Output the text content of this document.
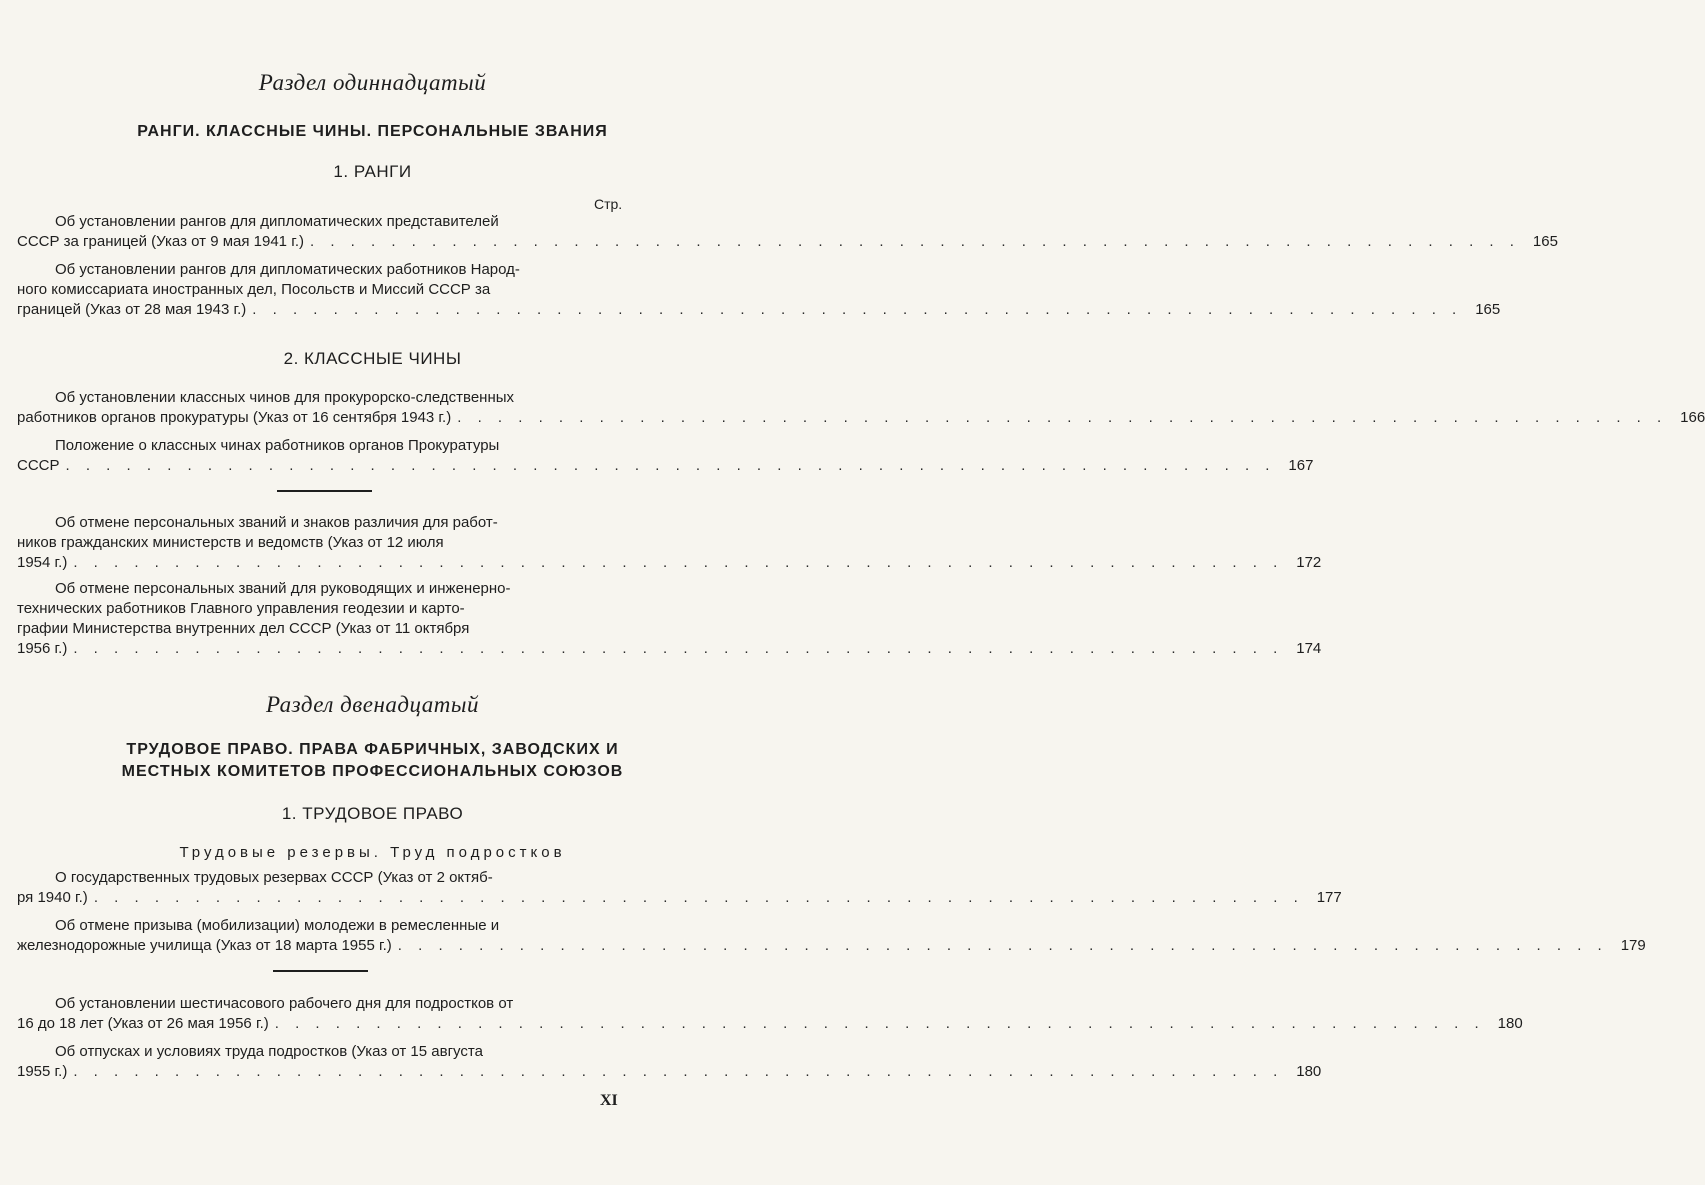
Раздел одиннадцатый
РАНГИ. КЛАССНЫЕ ЧИНЫ. ПЕРСОНАЛЬНЫЕ ЗВАНИЯ
1. РАНГИ
Стр.
Об установлении рангов для дипломатических представителей
СССР за границей (Указ от 9 мая 1941 г.) . . . . . . . . . . . . . . . . . . . . . . . . . . . . . . . . . . . . . . . . . . . . . . . . . . . . . . . . . . . . 165
Об установлении рангов для дипломатических работников Народ-
ного комиссариата иностранных дел, Посольств и Миссий СССР за
границей (Указ от 28 мая 1943 г.) . . . . . . . . . . . . . . . . . . . . . . . . . . . . . . . . . . . . . . . . . . . . . . . . . . . . . . . . . . . . 165
2. КЛАССНЫЕ ЧИНЫ
Об установлении классных чинов для прокурорско-следственных
работников органов прокуратуры (Указ от 16 сентября 1943 г.) . . . . . . . . . . . . . . . . . . . . . . . . . . . . . . . . . . . . . . . . . . . . . . . . . . . . . . . . . . . . 166
Положение о классных чинах работников органов Прокуратуры
СССР . . . . . . . . . . . . . . . . . . . . . . . . . . . . . . . . . . . . . . . . . . . . . . . . . . . . . . . . . . . . 167
Об отмене персональных званий и знаков различия для работ-
ников гражданских министерств и ведомств (Указ от 12 июля
1954 г.) . . . . . . . . . . . . . . . . . . . . . . . . . . . . . . . . . . . . . . . . . . . . . . . . . . . . . . . . . . . . 172
Об отмене персональных званий для руководящих и инженерно-
технических работников Главного управления геодезии и карто-
графии Министерства внутренних дел СССР (Указ от 11 октября
1956 г.) . . . . . . . . . . . . . . . . . . . . . . . . . . . . . . . . . . . . . . . . . . . . . . . . . . . . . . . . . . . . 174
Раздел двенадцатый
ТРУДОВОЕ ПРАВО. ПРАВА ФАБРИЧНЫХ, ЗАВОДСКИХ И
МЕСТНЫХ КОМИТЕТОВ ПРОФЕССИОНАЛЬНЫХ СОЮЗОВ
1. ТРУДОВОЕ ПРАВО
Трудовые резервы. Труд подростков
О государственных трудовых резервах СССР (Указ от 2 октяб-
ря 1940 г.) . . . . . . . . . . . . . . . . . . . . . . . . . . . . . . . . . . . . . . . . . . . . . . . . . . . . . . . . . . . . 177
Об отмене призыва (мобилизации) молодежи в ремесленные и
железнодорожные училища (Указ от 18 марта 1955 г.) . . . . . . . . . . . . . . . . . . . . . . . . . . . . . . . . . . . . . . . . . . . . . . . . . . . . . . . . . . . . 179
Об установлении шестичасового рабочего дня для подростков от
16 до 18 лет (Указ от 26 мая 1956 г.) . . . . . . . . . . . . . . . . . . . . . . . . . . . . . . . . . . . . . . . . . . . . . . . . . . . . . . . . . . . . 180
Об отпусках и условиях труда подростков (Указ от 15 августа
1955 г.) . . . . . . . . . . . . . . . . . . . . . . . . . . . . . . . . . . . . . . . . . . . . . . . . . . . . . . . . . . . . 180
XI
